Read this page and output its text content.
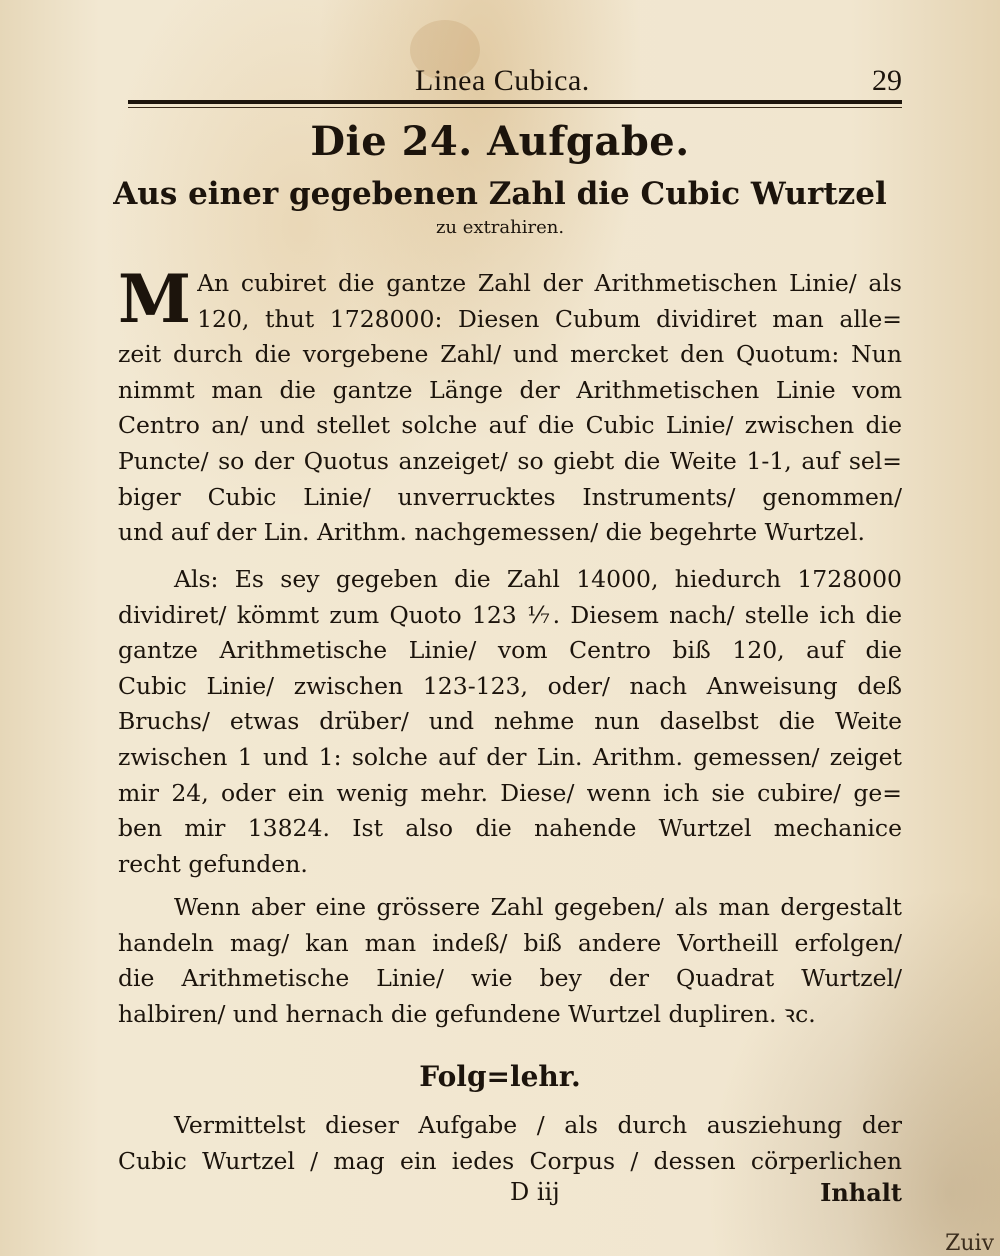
Linea Cubica.	29
Die 24. Aufgabe.
Aus einer gegebenen Zahl die Cubic Wurtzel
zu extrahiren.
M An cubiret die gantze Zahl der Arithmetischen Linie/ als
120, thut 1728000: Diesen Cubum dividiret man alle=
zeit durch die vorgebene Zahl/ und mercket den Quotum: Nun
nimmt man die gantze Länge der Arithmetischen Linie vom
Centro an/ und stellet solche auf die Cubic Linie/ zwischen die
Puncte/ so der Quotus anzeiget/ so giebt die Weite 1-1, auf sel=
biger Cubic Linie/ unverrucktes Instruments/ genommen/
und auf der Lin. Arithm. nachgemessen/ die begehrte Wurtzel.
Als: Es sey gegeben die Zahl 14000, hiedurch 1728000
dividiret/ kömmt zum Quoto 123 ⅐. Diesem nach/ stelle ich die
gantze Arithmetische Linie/ vom Centro biß 120, auf die
Cubic Linie/ zwischen 123-123, oder/ nach Anweisung deß
Bruchs/ etwas drüber/ und nehme nun daselbst die Weite
zwischen 1 und 1: solche auf der Lin. Arithm. gemessen/ zeiget
mir 24, oder ein wenig mehr. Diese/ wenn ich sie cubire/ ge=
ben mir 13824. Ist also die nahende Wurtzel mechanice
recht gefunden.
Wenn aber eine grössere Zahl gegeben/ als man dergestalt
handeln mag/ kan man indeß/ biß andere Vortheill erfolgen/
die Arithmetische Linie/ wie bey der Quadrat Wurtzel/
halbiren/ und hernach die gefundene Wurtzel dupliren. ꝛc.
Folg=lehr.
Vermittelst dieser Aufgabe / als durch ausziehung der
Cubic Wurtzel / mag ein iedes Corpus / dessen cörperlichen
D iij	Inhalt
Zuiv
